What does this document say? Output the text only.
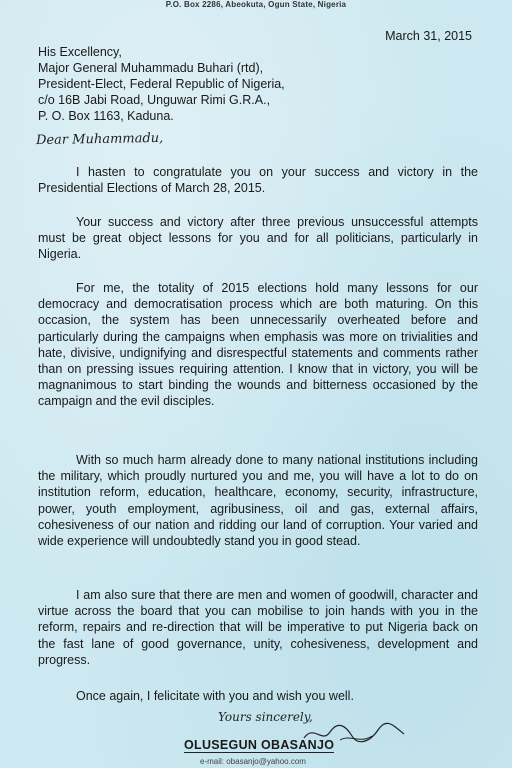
P.O. Box 2286, Abeokuta, Ogun State, Nigeria
March 31, 2015
His Excellency,
Major General Muhammadu Buhari (rtd),
President-Elect, Federal Republic of Nigeria,
c/o 16B Jabi Road, Unguwar Rimi G.R.A.,
P. O. Box 1163, Kaduna.
Dear Muhammadu,
I hasten to congratulate you on your success and victory in the Presidential Elections of March 28, 2015.
Your success and victory after three previous unsuccessful attempts must be great object lessons for you and for all politicians, particularly in Nigeria.
For me, the totality of 2015 elections hold many lessons for our democracy and democratisation process which are both maturing. On this occasion, the system has been unnecessarily overheated before and particularly during the campaigns when emphasis was more on trivialities and hate, divisive, undignifying and disrespectful statements and comments rather than on pressing issues requiring attention. I know that in victory, you will be magnanimous to start binding the wounds and bitterness occasioned by the campaign and the evil disciples.
With so much harm already done to many national institutions including the military, which proudly nurtured you and me, you will have a lot to do on institution reform, education, healthcare, economy, security, infrastructure, power, youth employment, agribusiness, oil and gas, external affairs, cohesiveness of our nation and ridding our land of corruption. Your varied and wide experience will undoubtedly stand you in good stead.
I am also sure that there are men and women of goodwill, character and virtue across the board that you can mobilise to join hands with you in the reform, repairs and re-direction that will be imperative to put Nigeria back on the fast lane of good governance, unity, cohesiveness, development and progress.
Once again, I felicitate with you and wish you well.
Yours sincerely,
OLUSEGUN OBASANJO
e-mail: obasanjo@yahoo.com
